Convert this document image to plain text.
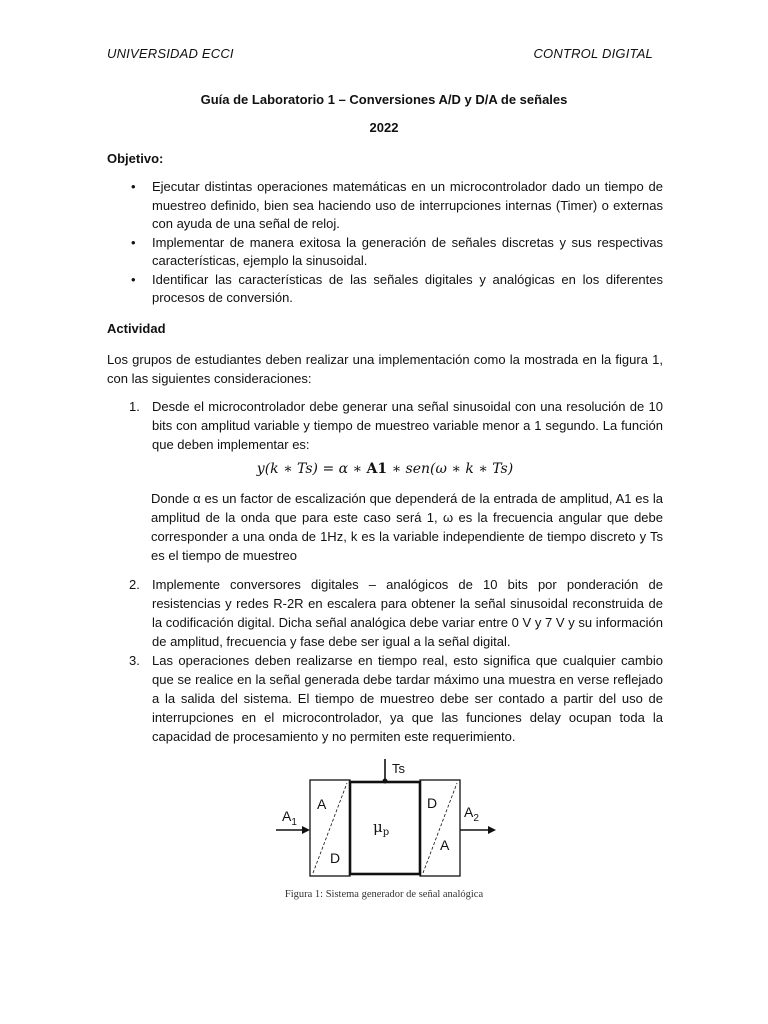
UNIVERSIDAD ECCI	CONTROL DIGITAL
Guía de Laboratorio 1 – Conversiones A/D y D/A de señales
2022
Objetivo:
• Ejecutar distintas operaciones matemáticas en un microcontrolador dado un tiempo de muestreo definido, bien sea haciendo uso de interrupciones internas (Timer) o externas con ayuda de una señal de reloj.
• Implementar de manera exitosa la generación de señales discretas y sus respectivas características, ejemplo la sinusoidal.
• Identificar las características de las señales digitales y analógicas en los diferentes procesos de conversión.
Actividad
Los grupos de estudiantes deben realizar una implementación como la mostrada en la figura 1, con las siguientes consideraciones:
1. Desde el microcontrolador debe generar una señal sinusoidal con una resolución de 10 bits con amplitud variable y tiempo de muestreo variable menor a 1 segundo. La función que deben implementar es:
y(k ∗ Ts) = α ∗ A1 ∗ sen(ω ∗ k ∗ Ts)
Donde α es un factor de escalización que dependerá de la entrada de amplitud, A1 es la amplitud de la onda que para este caso será 1, ω es la frecuencia angular que debe corresponder a una onda de 1Hz, k es la variable independiente de tiempo discreto y Ts es el tiempo de muestreo
2. Implemente conversores digitales – analógicos de 10 bits por ponderación de resistencias y redes R-2R en escalera para obtener la señal sinusoidal reconstruida de la codificación digital. Dicha señal analógica debe variar entre 0 V y 7 V y su información de amplitud, frecuencia y fase debe ser igual a la señal digital.
3. Las operaciones deben realizarse en tiempo real, esto significa que cualquier cambio que se realice en la señal generada debe tardar máximo una muestra en verse reflejado a la salida del sistema. El tiempo de muestreo debe ser contado a partir del uso de interrupciones en el microcontrolador, ya que las funciones delay ocupan toda la capacidad de procesamiento y no permiten este requerimiento.
$A_1$
A
D
$\mu_p$
Ts
D
A
$A_2$
Figura 1: Sistema generador de señal analógica
